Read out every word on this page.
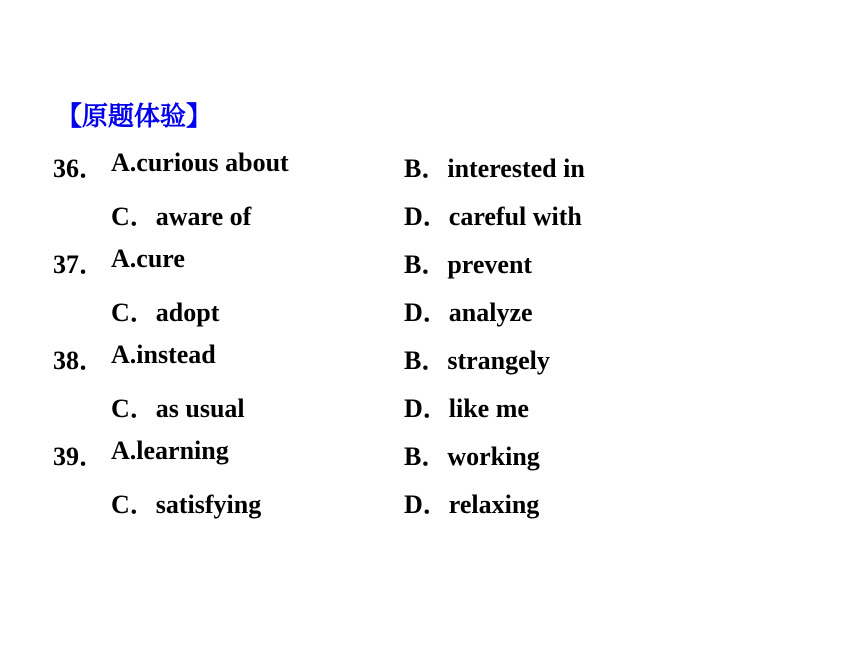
【原题体验】
36． A.curious about	B．interested in
C．aware of	D．careful with
37． A.cure	B．prevent
C．adopt	D．analyze
38． A.instead	B．strangely
C．as usual	D．like me
39． A.learning	B．working
C．satisfying	D．relaxing
